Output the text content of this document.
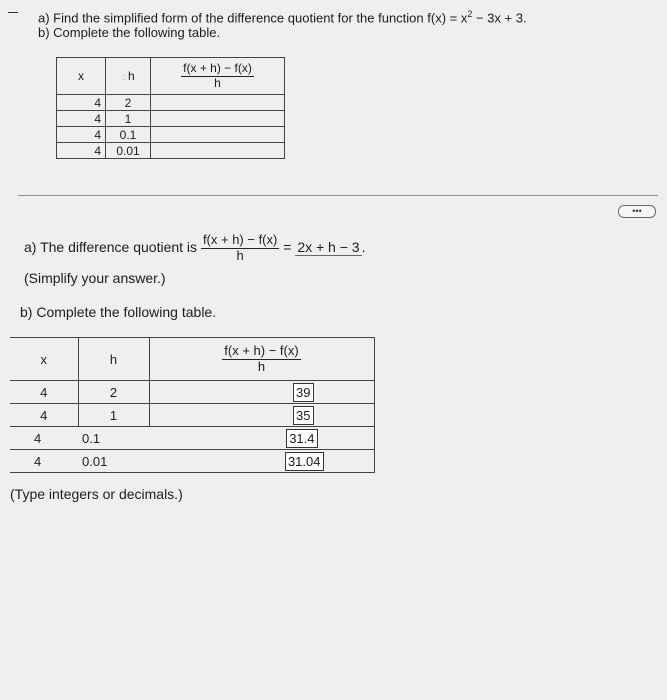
a) Find the simplified form of the difference quotient for the function $f(x) = x^2 - 3x + 3$.
b) Complete the following table.
x	:: h	$\frac{f(x + h) - f(x)}{h}$

4	2	
4	1	
4	0.1	
4	0.01	
•••
a) The difference quotient is $\frac{f(x + h) - f(x)}{h} = 2x + h - 3$ .
(Simplify your answer.)
b) Complete the following table.
x	h	$\frac{f(x + h) - f(x)}{h}$

4	2	39
4	1	35
4	0.1	31.4
4	0.01	31.04
(Type integers or decimals.)
